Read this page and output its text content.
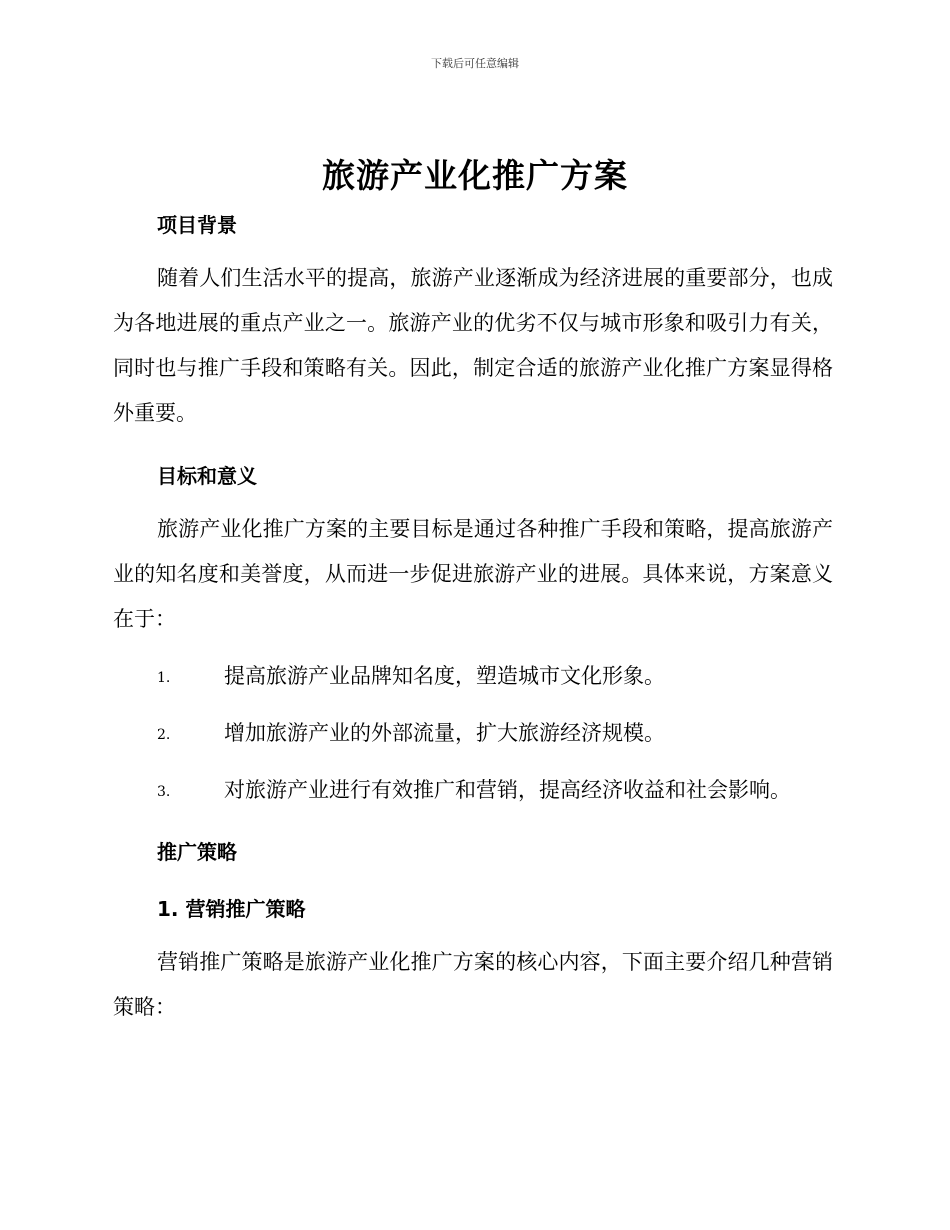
下载后可任意编辑
旅游产业化推广方案
项目背景

随着人们生活水平的提高，旅游产业逐渐成为经济进展的重要部分，也成为各地进展的重点产业之一。旅游产业的优劣不仅与城市形象和吸引力有关，同时也与推广手段和策略有关。因此，制定合适的旅游产业化推广方案显得格外重要。

目标和意义

旅游产业化推广方案的主要目标是通过各种推广手段和策略，提高旅游产业的知名度和美誉度，从而进一步促进旅游产业的进展。具体来说，方案意义在于：

1.	提高旅游产业品牌知名度，塑造城市文化形象。
2.	增加旅游产业的外部流量，扩大旅游经济规模。
3.	对旅游产业进行有效推广和营销，提高经济收益和社会影响。
推广策略
1. 营销推广策略

营销推广策略是旅游产业化推广方案的核心内容，下面主要介绍几种营销策略：
